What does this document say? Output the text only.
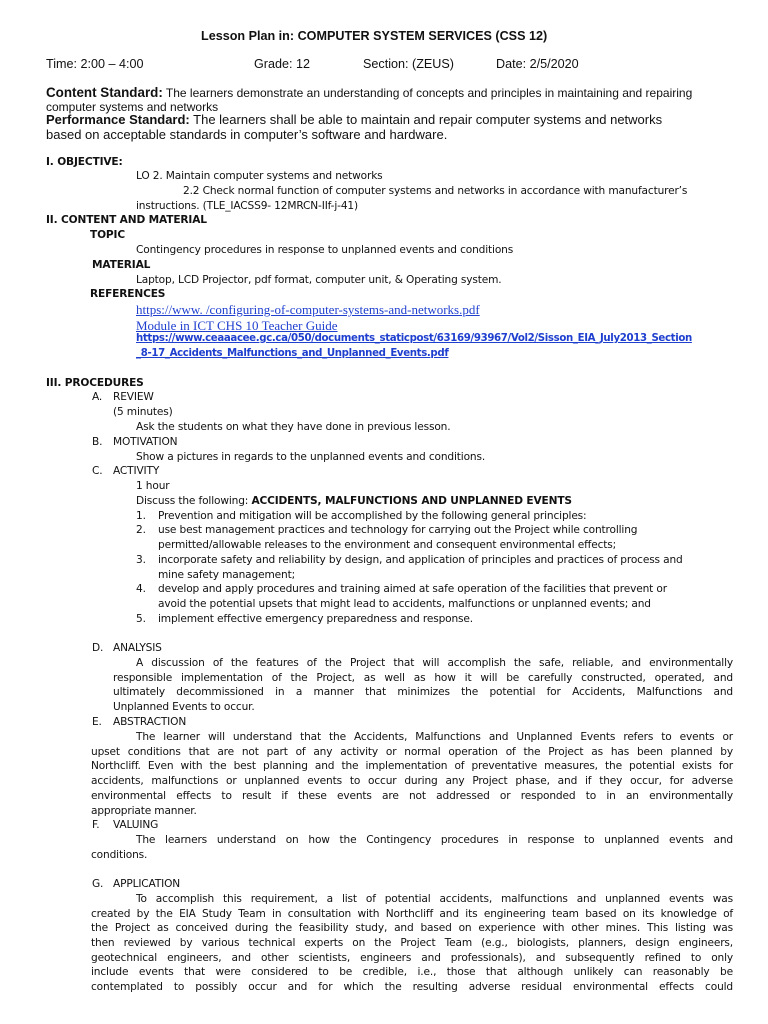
Lesson Plan in: COMPUTER SYSTEM SERVICES (CSS 12)
Time: 2:00 – 4:00	Grade: 12	Section: (ZEUS)	Date: 2/5/2020
Content Standard: The learners demonstrate an understanding of concepts and principles in maintaining and repairing
computer systems and networks
Performance Standard: The learners shall be able to maintain and repair computer systems and networks
based on acceptable standards in computer’s software and hardware.
I. OBJECTIVE:
LO 2. Maintain computer systems and networks
2.2 Check normal function of computer systems and networks in accordance with manufacturer’s
instructions. (TLE_IACSS9- 12MRCN-IIf-j-41)
II. CONTENT AND MATERIAL
TOPIC
Contingency procedures in response to unplanned events and conditions
MATERIAL
Laptop, LCD Projector, pdf format, computer unit, & Operating system.
REFERENCES
https://www. /configuring-of-computer-systems-and-networks.pdf
Module in ICT CHS 10 Teacher Guide
https://www.ceaaacee.gc.ca/050/documents_staticpost/63169/93967/Vol2/Sisson_EIA_July2013_Section
_8-17_Accidents_Malfunctions_and_Unplanned_Events.pdf
III. PROCEDURES
A. REVIEW
(5 minutes)
Ask the students on what they have done in previous lesson.
B. MOTIVATION
Show a pictures in regards to the unplanned events and conditions.
C. ACTIVITY
1 hour
Discuss the following: ACCIDENTS, MALFUNCTIONS AND UNPLANNED EVENTS
1. Prevention and mitigation will be accomplished by the following general principles:
2. use best management practices and technology for carrying out the Project while controlling
permitted/allowable releases to the environment and consequent environmental effects;
3. incorporate safety and reliability by design, and application of principles and practices of process and
mine safety management;
4. develop and apply procedures and training aimed at safe operation of the facilities that prevent or
avoid the potential upsets that might lead to accidents, malfunctions or unplanned events; and
5. implement effective emergency preparedness and response.
D. ANALYSIS
A discussion of the features of the Project that will accomplish the safe, reliable, and environmentally
responsible implementation of the Project, as well as how it will be carefully constructed, operated, and
ultimately decommissioned in a manner that minimizes the potential for Accidents, Malfunctions and
Unplanned Events to occur.
E. ABSTRACTION
The learner will understand that the Accidents, Malfunctions and Unplanned Events refers to events or
upset conditions that are not part of any activity or normal operation of the Project as has been planned by
Northcliff. Even with the best planning and the implementation of preventative measures, the potential exists for
accidents, malfunctions or unplanned events to occur during any Project phase, and if they occur, for adverse
environmental effects to result if these events are not addressed or responded to in an environmentally
appropriate manner.
F. VALUING
The learners understand on how the Contingency procedures in response to unplanned events and
conditions.
G. APPLICATION
To accomplish this requirement, a list of potential accidents, malfunctions and unplanned events was
created by the EIA Study Team in consultation with Northcliff and its engineering team based on its knowledge of
the Project as conceived during the feasibility study, and based on experience with other mines. This listing was
then reviewed by various technical experts on the Project Team (e.g., biologists, planners, design engineers,
geotechnical engineers, and other scientists, engineers and professionals), and subsequently refined to only
include events that were considered to be credible, i.e., those that although unlikely can reasonably be
contemplated to possibly occur and for which the resulting adverse residual environmental effects could
